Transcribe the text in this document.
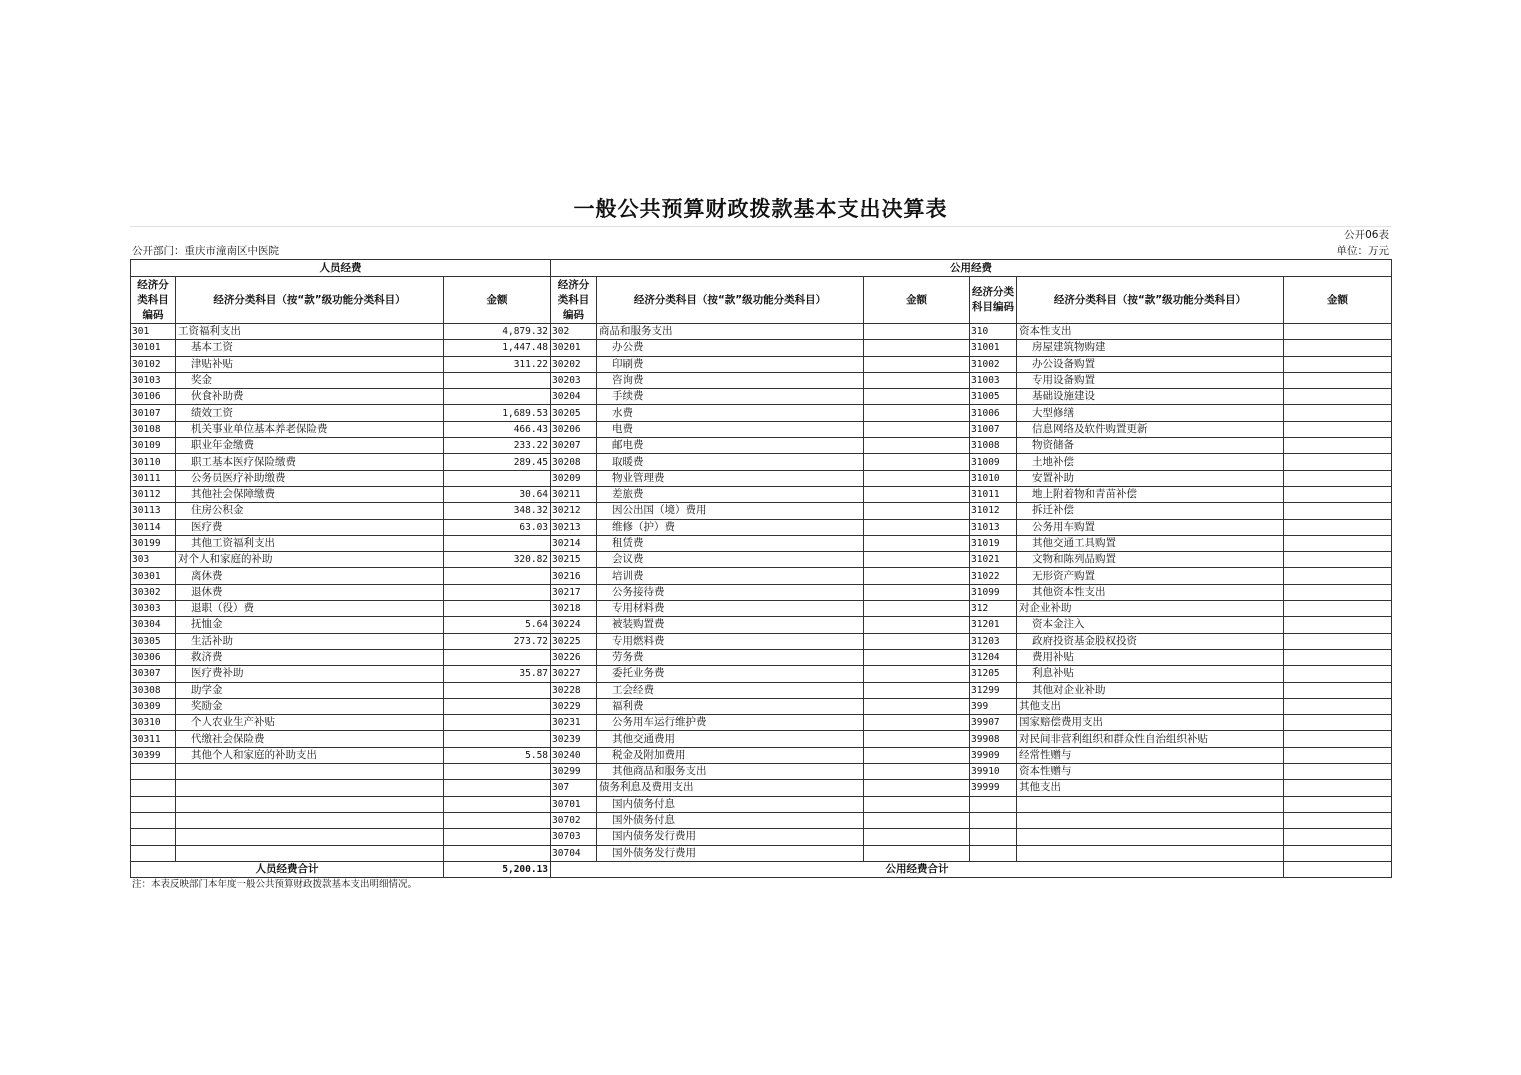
一般公共预算财政拨款基本支出决算表
公开06表
公开部门：重庆市潼南区中医院	单位：万元
人员经费			公用经费					
经济分类科目编码	经济分类科目（按“款”级功能分类科目）	金额	经济分类科目编码	经济分类科目（按“款”级功能分类科目）	金额	经济分类科目编码	经济分类科目（按“款”级功能分类科目）	金额
301	工资福利支出	4,879.32	302	商品和服务支出		310	资本性支出	
30101	基本工资	1,447.48	30201	办公费		31001	房屋建筑物购建	
30102	津贴补贴	311.22	30202	印刷费		31002	办公设备购置	
30103	奖金		30203	咨询费		31003	专用设备购置	
30106	伙食补助费		30204	手续费		31005	基础设施建设	
30107	绩效工资	1,689.53	30205	水费		31006	大型修缮	
30108	机关事业单位基本养老保险费	466.43	30206	电费		31007	信息网络及软件购置更新	
30109	职业年金缴费	233.22	30207	邮电费		31008	物资储备	
30110	职工基本医疗保险缴费	289.45	30208	取暖费		31009	土地补偿	
30111	公务员医疗补助缴费		30209	物业管理费		31010	安置补助	
30112	其他社会保障缴费	30.64	30211	差旅费		31011	地上附着物和青苗补偿	
30113	住房公积金	348.32	30212	因公出国（境）费用		31012	拆迁补偿	
30114	医疗费	63.03	30213	维修（护）费		31013	公务用车购置	
30199	其他工资福利支出		30214	租赁费		31019	其他交通工具购置	
303	对个人和家庭的补助	320.82	30215	会议费		31021	文物和陈列品购置	
30301	离休费		30216	培训费		31022	无形资产购置	
30302	退休费		30217	公务接待费		31099	其他资本性支出	
30303	退职（役）费		30218	专用材料费		312	对企业补助	
30304	抚恤金	5.64	30224	被装购置费		31201	资本金注入	
30305	生活补助	273.72	30225	专用燃料费		31203	政府投资基金股权投资	
30306	救济费		30226	劳务费		31204	费用补贴	
30307	医疗费补助	35.87	30227	委托业务费		31205	利息补贴	
30308	助学金		30228	工会经费		31299	其他对企业补助	
30309	奖励金		30229	福利费		399	其他支出	
30310	个人农业生产补贴		30231	公务用车运行维护费		39907	国家赔偿费用支出	
30311	代缴社会保险费		30239	其他交通费用		39908	对民间非营利组织和群众性自治组织补贴	
30399	其他个人和家庭的补助支出	5.58	30240	税金及附加费用		39909	经常性赠与	
			30299	其他商品和服务支出		39910	资本性赠与	
			307	债务利息及费用支出		39999	其他支出	
			30701	国内债务付息				
			30702	国外债务付息				
			30703	国内债务发行费用				
			30704	国外债务发行费用				
人员经费合计		5,200.13	公用经费合计					
注：本表反映部门本年度一般公共预算财政拨款基本支出明细情况。
